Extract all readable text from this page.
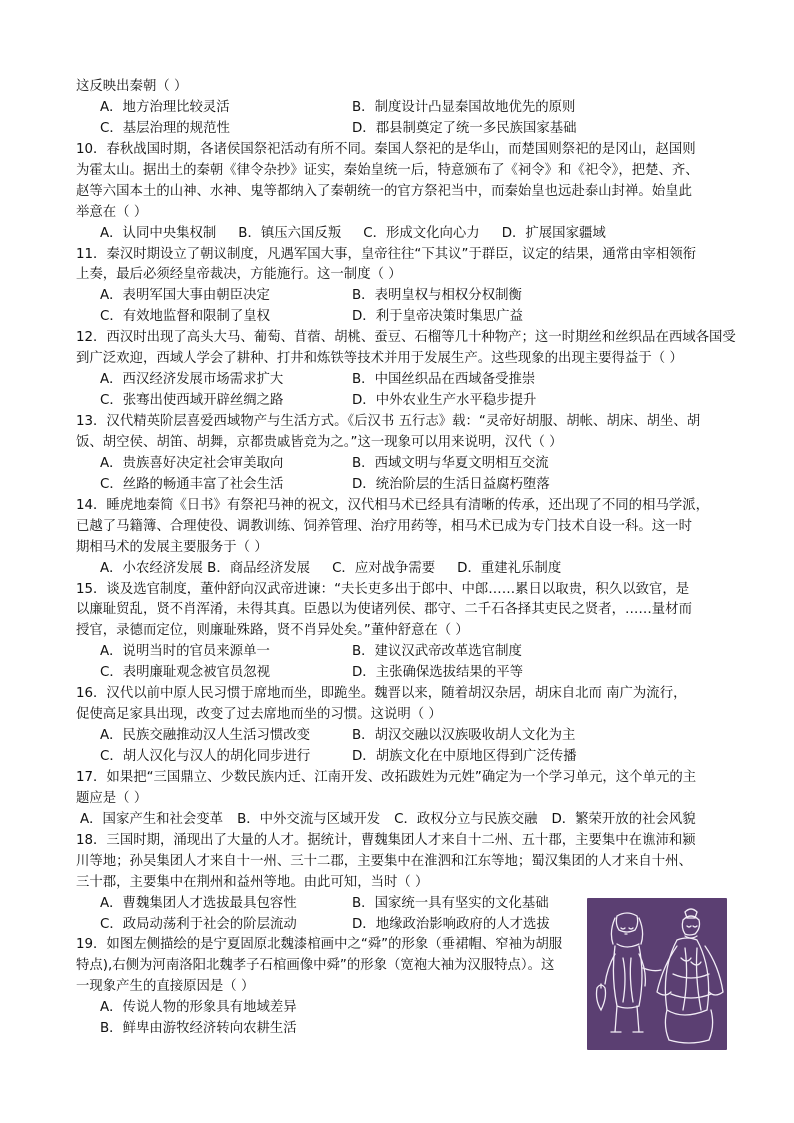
这反映出秦朝（ ）
A．地方治理比较灵活	B．制度设计凸显秦国故地优先的原则
C．基层治理的规范性	D．郡县制奠定了统一多民族国家基础
10．春秋战国时期，各诸侯国祭祀活动有所不同。秦国人祭祀的是华山，而楚国则祭祀的是冈山，赵国则
为霍太山。据出土的秦朝《律令杂抄》证实，秦始皇统一后，特意颁布了《祠令》和《祀令》，把楚、齐、
赵等六国本土的山神、水神、鬼等都纳入了秦朝统一的官方祭祀当中，而秦始皇也远赴泰山封禅。始皇此
举意在（ ）
A．认同中央集权制 B．镇压六国反叛 C．形成文化向心力 D．扩展国家疆域
11．秦汉时期设立了朝议制度，凡遇军国大事，皇帝往往“下其议”于群臣，议定的结果，通常由宰相领衔
上奏，最后必须经皇帝裁决，方能施行。这一制度（ ）
A．表明军国大事由朝臣决定	B．表明皇权与相权分权制衡
C．有效地监督和限制了皇权	D．利于皇帝决策时集思广益
12．西汉时出现了高头大马、葡萄、苜蓿、胡桃、蚕豆、石榴等几十种物产；这一时期丝和丝织品在西域各国受
到广泛欢迎，西域人学会了耕种、打井和炼铁等技术并用于发展生产。这些现象的出现主要得益于（ ）
A．西汉经济发展市场需求扩大	B．中国丝织品在西域备受推崇
C．张骞出使西域开辟丝绸之路	D．中外农业生产水平稳步提升
13．汉代精英阶层喜爱西域物产与生活方式。《后汉书 五行志》载：“灵帝好胡服、胡帐、胡床、胡坐、胡
饭、胡空侯、胡笛、胡舞，京都贵戚皆竞为之。”这一现象可以用来说明，汉代（ ）
A．贵族喜好决定社会审美取向	B．西域文明与华夏文明相互交流
C．丝路的畅通丰富了社会生活	D．统治阶层的生活日益腐朽堕落
14．睡虎地秦简《日书》有祭祀马神的祝文，汉代相马术已经具有清晰的传承，还出现了不同的相马学派，
已越了马籍簿、合理使役、调教训练、饲养管理、治疗用药等，相马术已成为专门技术自设一科。这一时
期相马术的发展主要服务于（ ）
A．小农经济发展 B．商品经济发展 C．应对战争需要 D．重建礼乐制度
15．谈及选官制度，董仲舒向汉武帝进谏：“夫长吏多出于郎中、中郎……累日以取贵，积久以致官，是
以廉耻贸乱，贤不肖浑淆，未得其真。臣愚以为使诸列侯、郡守、二千石各择其吏民之贤者，……量材而
授官，录德而定位，则廉耻殊路，贤不肖异处矣。”董仲舒意在（ ）
A．说明当时的官员来源单一	B．建议汉武帝改革选官制度
C．表明廉耻观念被官员忽视	D．主张确保选拔结果的平等
16．汉代以前中原人民习惯于席地而坐，即跪坐。魏晋以来，随着胡汉杂居，胡床自北而 南广为流行，
促使高足家具出现，改变了过去席地而坐的习惯。这说明（ ）
A．民族交融推动汉人生活习惯改变	B．胡汉交融以汉族吸收胡人文化为主
C．胡人汉化与汉人的胡化同步进行	D．胡族文化在中原地区得到广泛传播
17．如果把“三国鼎立、少数民族内迁、江南开发、改拓跋姓为元姓”确定为一个学习单元，这个单元的主
题应是（ ）
A．国家产生和社会变革 B．中外交流与区域开发 C．政权分立与民族交融 D．繁荣开放的社会风貌
18．三国时期，涌现出了大量的人才。据统计，曹魏集团人才来自十二州、五十郡，主要集中在谯沛和颍
川等地；孙吴集团人才来自十一州、三十二郡，主要集中在淮泗和江东等地；蜀汉集团的人才来自十州、
三十郡，主要集中在荆州和益州等地。由此可知，当时（ ）
A．曹魏集团人才选拔最具包容性	B．国家统一具有坚实的文化基础
C．政局动荡利于社会的阶层流动	D．地缘政治影响政府的人才选拔
19．如图左侧描绘的是宁夏固原北魏漆棺画中之“舜”的形象（垂裙帽、窄袖为胡服
特点),右侧为河南洛阳北魏孝子石棺画像中舜”的形象（宽袍大袖为汉服特点）。这
一现象产生的直接原因是（ ）
A．传说人物的形象具有地域差异
B．鲜卑由游牧经济转向农耕生活
